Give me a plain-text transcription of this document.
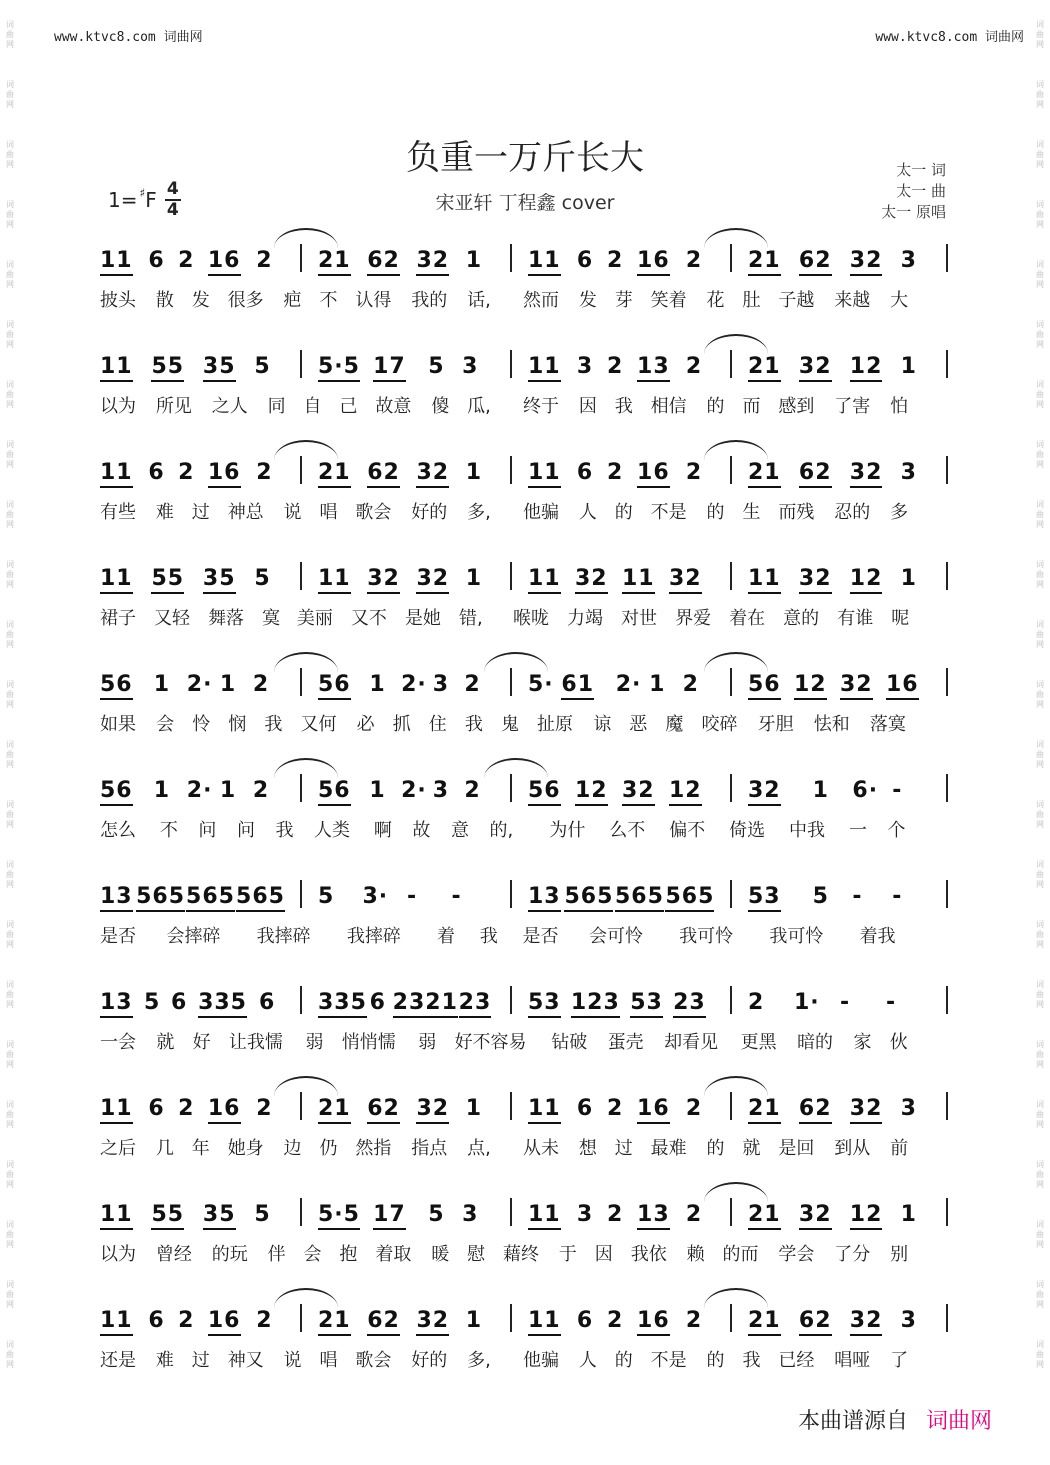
词
曲
网
词
曲
网
词
曲
网
词
曲
网
词
曲
网
词
曲
网
词
曲
网
词
曲
网
词
曲
网
词
曲
网
词
曲
网
词
曲
网
词
曲
网
词
曲
网
词
曲
网
词
曲
网
词
曲
网
词
曲
网
词
曲
网
词
曲
网
词
曲
网
词
曲
网
词
曲
网
词
曲
网
词
曲
网
词
曲
网
词
曲
网
词
曲
网
词
曲
网
词
曲
网
词
曲
网
词
曲
网
词
曲
网
词
曲
网
词
曲
网
词
曲
网
词
曲
网
词
曲
网
词
曲
网
词
曲
网
词
曲
网
词
曲
网
词
曲
网
词
曲
网
词
曲
网
词
曲
网
www.ktvc8.com 词曲网	www.ktvc8.com 词曲网
负重一万斤长大
宋亚轩 丁程鑫 cover
太一 词
太一 曲
太一 原唱
1= ♯ F 4
4
11 6 2 16 2 21 62 32 1 11 6 2 16 2 21 62 32 3
披头 散 发 很多 疤 不 认得 我的 话, 然而 发 芽 笑着 花 肚 子越 来越 大
11 55 35 5 5·5 17 5 3 11 3 2 13 2 21 32 12 1
以为 所见 之人 同 自 己 故意 傻 瓜, 终于 因 我 相信 的 而 感到 了害 怕
11 6 2 16 2 21 62 32 1 11 6 2 16 2 21 62 32 3
有些 难 过 神总 说 唱 歌会 好的 多, 他骗 人 的 不是 的 生 而残 忍的 多
11 55 35 5 11 32 32 1 11 32 11 32 11 32 12 1
裙子 又轻 舞落 寞 美丽 又不 是她 错, 喉咙 力竭 对世 界爱 着在 意的 有谁 呢
56 1 2· 1 2 56 1 2· 3 2 5· 61 2· 1 2 56 12 32 16
如果 会 怜 悯 我 又何 必 抓 住 我 鬼 扯原 谅 恶 魔 咬碎 牙胆 怯和 落寞
56 1 2· 1 2 56 1 2· 3 2 56 12 32 12 32 1 6· -
怎么 不 问 问 我 人类 啊 故 意 的, 为什 么不 偏不 倚选 中我 一 个
13 565 565 565 5 3· - -	13 565 565 565 53 5 - -
是否 会摔碎 我摔碎 我摔碎 着 我 是否 会可怜 我可怜 我可怜 着我
13 5 6 335 6 335 6 2321 23 53 123 53 23 2 1· - -
一会 就 好 让我懦 弱 悄悄懦 弱 好不容易 钻破 蛋壳 却看见 更黑 暗的 家 伙
11 6 2 16 2 21 62 32 1 11 6 2 16 2 21 62 32 3
之后 几 年 她身 边 仍 然指 指点 点, 从未 想 过 最难 的 就 是回 到从 前
11 55 35 5 5·5 17 5 3 11 3 2 13 2 21 32 12 1
以为 曾经 的玩 伴 会 抱 着取 暖 慰 藉终 于 因 我依 赖 的而 学会 了分 别
11 6 2 16 2 21 62 32 1 11 6 2 16 2 21 62 32 3
还是 难 过 神又 说 唱 歌会 好的 多, 他骗 人 的 不是 的 我 已经 唱哑 了
本曲谱源自 词曲网
